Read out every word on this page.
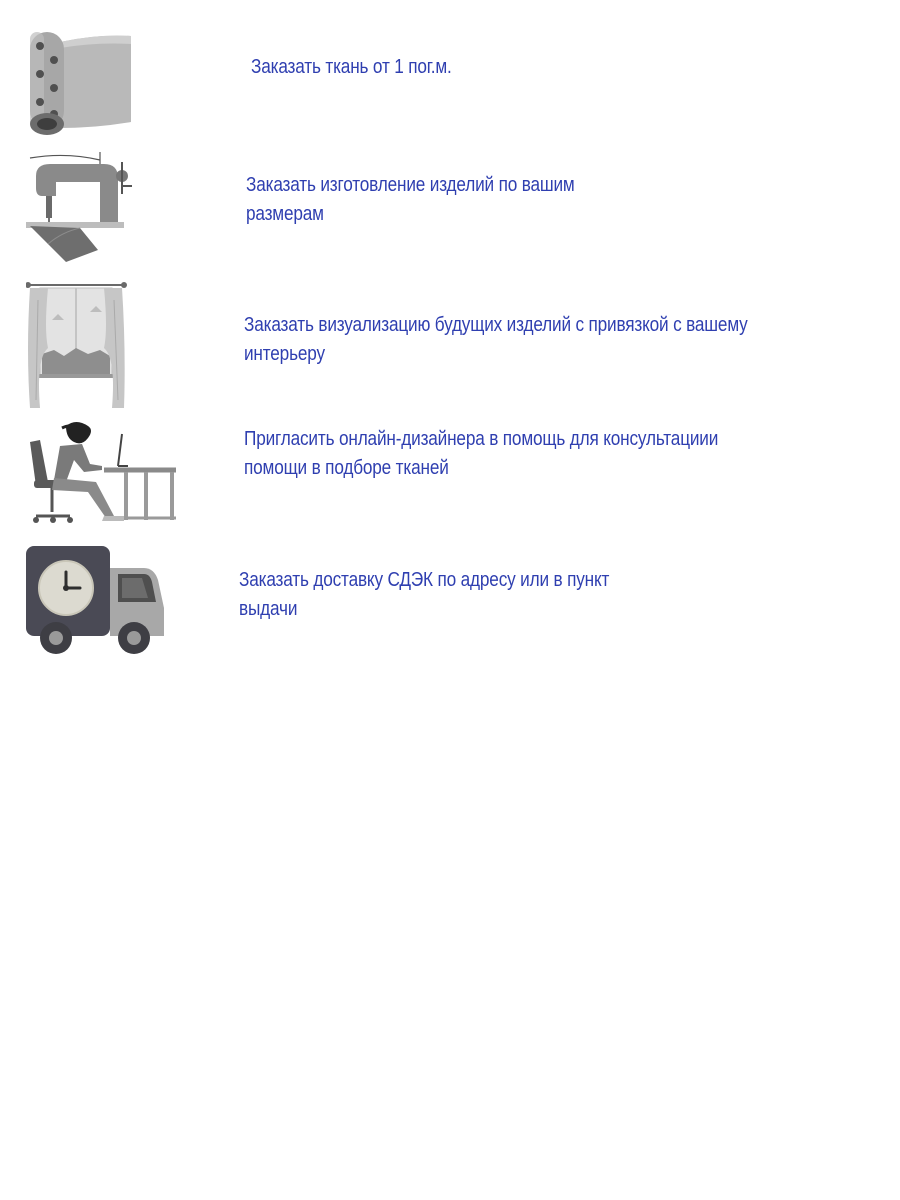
Заказать ткань от 1 пог.м.
Заказать изготовление изделий по вашим
размерам
Заказать визуализацию будущих изделий с привязкой с вашему
интерьеру
Пригласить онлайн-дизайнера в помощь для консультациии
помощи в подборе тканей
Заказать доставку СДЭК по адресу или в пункт
выдачи
